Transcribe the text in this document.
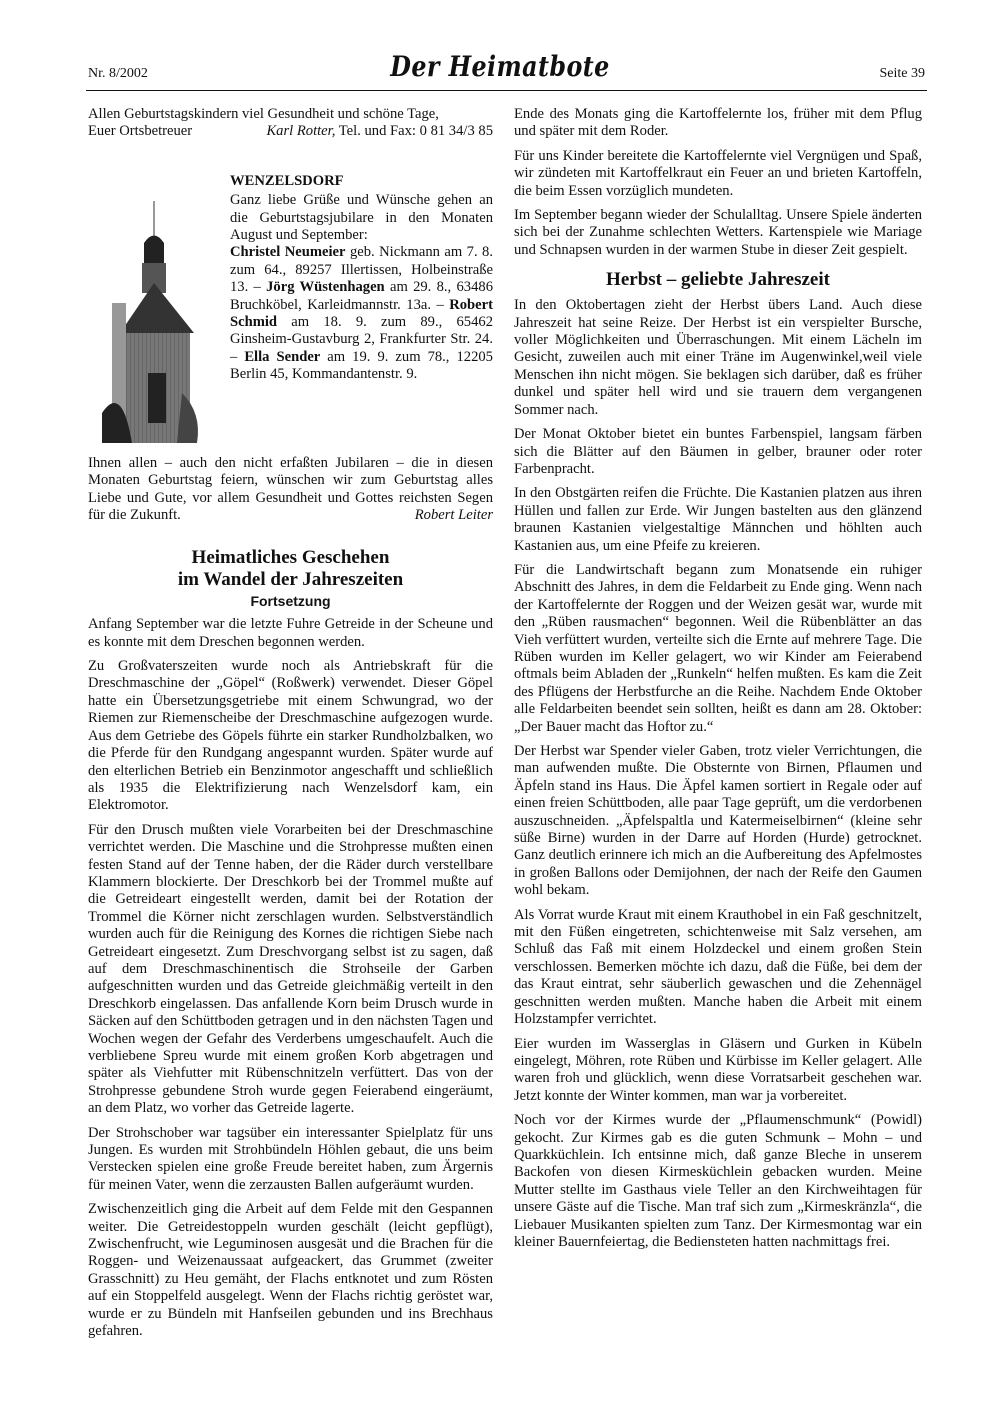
Nr. 8/2002	Der Heimatbote	Seite 39

Allen Geburtstagskindern viel Gesundheit und schöne Tage,

Euer Ortsbetreuer	Karl Rotter, Tel. und Fax: 0 81 34/3 85

WENZELSDORF

Ganz liebe Grüße und Wünsche gehen an die Geburtstagsjubilare in den Monaten August und September:

Christel Neumeier geb. Nickmann am 7. 8. zum 64., 89257 Illertissen, Holbeinstraße 13. – Jörg Wüstenhagen am 29. 8., 63486 Bruchköbel, Karleidmannstr. 13a. – Robert Schmid am 18. 9. zum 89., 65462 Ginsheim-Gustavburg 2, Frankfurter Str. 24. – Ella Sender am 19. 9. zum 78., 12205 Berlin 45, Kommandantenstr. 9.

Ihnen allen – auch den nicht erfaßten Jubilaren – die in diesen Monaten Geburtstag feiern, wünschen wir zum Geburtstag alles Liebe und Gute, vor allem Gesundheit und Gottes reichsten Segen für die Zukunft.	Robert Leiter
Heimatliches Geschehen
im Wandel der Jahreszeiten
Fortsetzung

Anfang September war die letzte Fuhre Getreide in der Scheune und es konnte mit dem Dreschen begonnen werden.

Zu Großvaterszeiten wurde noch als Antriebskraft für die Dreschmaschine der „Göpel“ (Roßwerk) verwendet. Dieser Göpel hatte ein Übersetzungsgetriebe mit einem Schwungrad, wo der Riemen zur Riemenscheibe der Dreschmaschine aufgezogen wurde. Aus dem Getriebe des Göpels führte ein starker Rundholzbalken, wo die Pferde für den Rundgang angespannt wurden. Später wurde auf den elterlichen Betrieb ein Benzinmotor angeschafft und schließlich als 1935 die Elektrifizierung nach Wenzelsdorf kam, ein Elektromotor.

Für den Drusch mußten viele Vorarbeiten bei der Dreschmaschine verrichtet werden. Die Maschine und die Strohpresse mußten einen festen Stand auf der Tenne haben, der die Räder durch verstellbare Klammern blockierte. Der Dreschkorb bei der Trommel mußte auf die Getreideart eingestellt werden, damit bei der Rotation der Trommel die Körner nicht zerschlagen wurden. Selbstverständlich wurden auch für die Reinigung des Kornes die richtigen Siebe nach Getreideart eingesetzt. Zum Dreschvorgang selbst ist zu sagen, daß auf dem Dreschmaschinentisch die Strohseile der Garben aufgeschnitten wurden und das Getreide gleichmäßig verteilt in den Dreschkorb eingelassen. Das anfallende Korn beim Drusch wurde in Säcken auf den Schüttboden getragen und in den nächsten Tagen und Wochen wegen der Gefahr des Verderbens umgeschaufelt. Auch die verbliebene Spreu wurde mit einem großen Korb abgetragen und später als Viehfutter mit Rübenschnitzeln verfüttert. Das von der Strohpresse gebundene Stroh wurde gegen Feierabend eingeräumt, an dem Platz, wo vorher das Getreide lagerte.

Der Strohschober war tagsüber ein interessanter Spielplatz für uns Jungen. Es wurden mit Strohbündeln Höhlen gebaut, die uns beim Verstecken spielen eine große Freude bereitet haben, zum Ärgernis für meinen Vater, wenn die zerzausten Ballen aufgeräumt wurden.

Zwischenzeitlich ging die Arbeit auf dem Felde mit den Gespannen weiter. Die Getreidestoppeln wurden geschält (leicht gepflügt), Zwischenfrucht, wie Leguminosen ausgesät und die Brachen für die Roggen- und Weizenaussaat aufgeackert, das Grummet (zweiter Grasschnitt) zu Heu gemäht, der Flachs entknotet und zum Rösten auf ein Stoppelfeld ausgelegt. Wenn der Flachs richtig geröstet war, wurde er zu Bündeln mit Hanfseilen gebunden und ins Brechhaus gefahren.

Ende des Monats ging die Kartoffelernte los, früher mit dem Pflug und später mit dem Roder.

Für uns Kinder bereitete die Kartoffelernte viel Vergnügen und Spaß, wir zündeten mit Kartoffelkraut ein Feuer an und brieten Kartoffeln, die beim Essen vorzüglich mundeten.

Im September begann wieder der Schulalltag. Unsere Spiele änderten sich bei der Zunahme schlechten Wetters. Kartenspiele wie Mariage und Schnapsen wurden in der warmen Stube in dieser Zeit gespielt.

Herbst – geliebte Jahreszeit

In den Oktobertagen zieht der Herbst übers Land. Auch diese Jahreszeit hat seine Reize. Der Herbst ist ein verspielter Bursche, voller Möglichkeiten und Überraschungen. Mit einem Lächeln im Gesicht, zuweilen auch mit einer Träne im Augenwinkel,weil viele Menschen ihn nicht mögen. Sie beklagen sich darüber, daß es früher dunkel und später hell wird und sie trauern dem vergangenen Sommer nach.

Der Monat Oktober bietet ein buntes Farbenspiel, langsam färben sich die Blätter auf den Bäumen in gelber, brauner oder roter Farbenpracht.

In den Obstgärten reifen die Früchte. Die Kastanien platzen aus ihren Hüllen und fallen zur Erde. Wir Jungen bastelten aus den glänzend braunen Kastanien vielgestaltige Männchen und höhlten auch Kastanien aus, um eine Pfeife zu kreieren.

Für die Landwirtschaft begann zum Monatsende ein ruhiger Abschnitt des Jahres, in dem die Feldarbeit zu Ende ging. Wenn nach der Kartoffelernte der Roggen und der Weizen gesät war, wurde mit den „Rüben rausmachen“ begonnen. Weil die Rübenblätter an das Vieh verfüttert wurden, verteilte sich die Ernte auf mehrere Tage. Die Rüben wurden im Keller gelagert, wo wir Kinder am Feierabend oftmals beim Abladen der „Runkeln“ helfen mußten. Es kam die Zeit des Pflügens der Herbstfurche an die Reihe. Nachdem Ende Oktober alle Feldarbeiten beendet sein sollten, heißt es dann am 28. Oktober: „Der Bauer macht das Hoftor zu.“

Der Herbst war Spender vieler Gaben, trotz vieler Verrichtungen, die man aufwenden mußte. Die Obsternte von Birnen, Pflaumen und Äpfeln stand ins Haus. Die Äpfel kamen sortiert in Regale oder auf einen freien Schüttboden, alle paar Tage geprüft, um die verdorbenen auszuschneiden. „Äpfelspaltla und Katermeiselbirnen“ (kleine sehr süße Birne) wurden in der Darre auf Horden (Hurde) getrocknet. Ganz deutlich erinnere ich mich an die Aufbereitung des Apfelmostes in großen Ballons oder Demijohnen, der nach der Reife den Gaumen wohl bekam.

Als Vorrat wurde Kraut mit einem Krauthobel in ein Faß geschnitzelt, mit den Füßen eingetreten, schichtenweise mit Salz versehen, am Schluß das Faß mit einem Holzdeckel und einem großen Stein verschlossen. Bemerken möchte ich dazu, daß die Füße, bei dem der das Kraut eintrat, sehr säuberlich gewaschen und die Zehennägel geschnitten werden mußten. Manche haben die Arbeit mit einem Holzstampfer verrichtet.

Eier wurden im Wasserglas in Gläsern und Gurken in Kübeln eingelegt, Möhren, rote Rüben und Kürbisse im Keller gelagert. Alle waren froh und glücklich, wenn diese Vorratsarbeit geschehen war. Jetzt konnte der Winter kommen, man war ja vorbereitet.

Noch vor der Kirmes wurde der „Pflaumenschmunk“ (Powidl) gekocht. Zur Kirmes gab es die guten Schmunk – Mohn – und Quarkküchlein. Ich entsinne mich, daß ganze Bleche in unserem Backofen von diesen Kirmesküchlein gebacken wurden. Meine Mutter stellte im Gasthaus viele Teller an den Kirchweihtagen für unsere Gäste auf die Tische. Man traf sich zum „Kirmeskränzla“, die Liebauer Musikanten spielten zum Tanz. Der Kirmesmontag war ein kleiner Bauernfeiertag, die Bediensteten hatten nachmittags frei.
